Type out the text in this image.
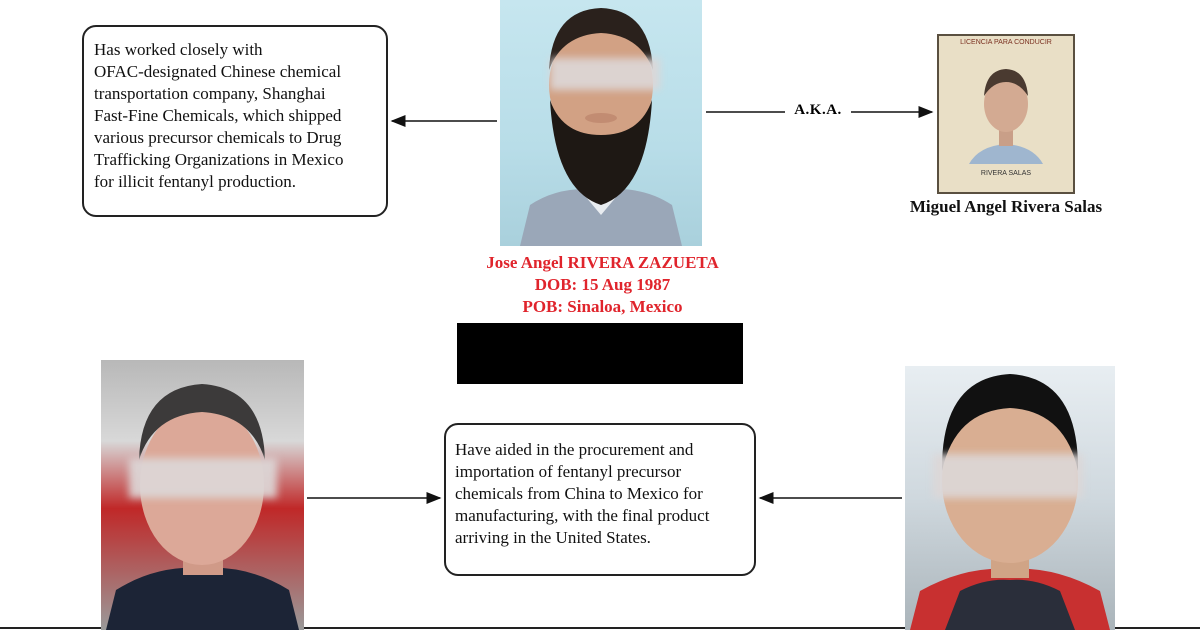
Has worked closely with
OFAC-designated Chinese chemical
transportation company, Shanghai
Fast-Fine Chemicals, which shipped
various precursor chemicals to Drug
Trafficking Organizations in Mexico
for illicit fentanyl production.
Jose Angel RIVERA ZAZUETA
DOB: 15 Aug 1987
POB: Sinaloa, Mexico
A.K.A.
LICENCIA PARA CONDUCIR
RIVERA SALAS
Miguel Angel Rivera Salas
Have aided in the procurement and
importation of fentanyl precursor
chemicals from China to Mexico for
manufacturing, with the final product
arriving in the United States.
